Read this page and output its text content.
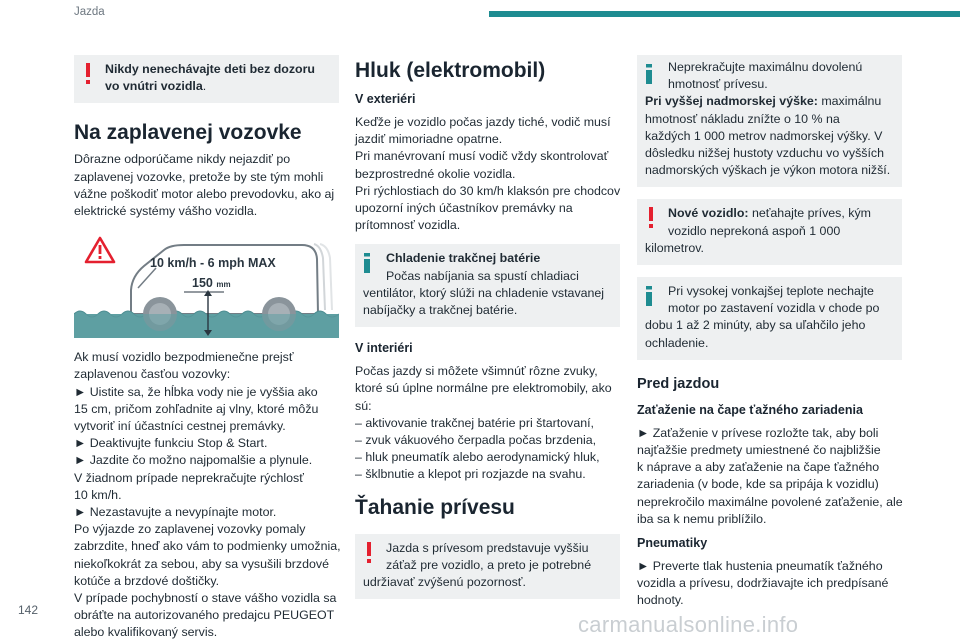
Jazda
Nikdy nenechávajte deti bez dozoru
vo vnútri vozidla.
Na zaplavenej vozovke
Dôrazne odporúčame nikdy nejazdiť po
zaplavenej vozovke, pretože by ste tým mohli
vážne poškodiť motor alebo prevodovku, ako aj
elektrické systémy vášho vozidla.
10 km/h - 6 mph MAX
150 mm
Ak musí vozidlo bezpodmienečne prejsť
zaplavenou časťou vozovky:
► Uistite sa, že hĺbka vody nie je vyššia ako
15 cm, pričom zohľadnite aj vlny, ktoré môžu
vytvoriť iní účastníci cestnej premávky.
► Deaktivujte funkciu Stop & Start.
► Jazdite čo možno najpomalšie a plynule.
V žiadnom prípade neprekračujte rýchlosť
10 km/h.
► Nezastavujte a nevypínajte motor.
Po výjazde zo zaplavenej vozovky pomaly
zabrzdite, hneď ako vám to podmienky umožnia,
niekoľkokrát za sebou, aby sa vysušili brzdové
kotúče a brzdové doštičky.
V prípade pochybností o stave vášho vozidla sa
obráťte na autorizovaného predajcu PEUGEOT
alebo kvalifikovaný servis.
Hluk (elektromobil)
V exteriéri
Keďže je vozidlo počas jazdy tiché, vodič musí
jazdiť mimoriadne opatrne.
Pri manévrovaní musí vodič vždy skontrolovať
bezprostredné okolie vozidla.
Pri rýchlostiach do 30 km/h klaksón pre chodcov
upozorní iných účastníkov premávky na
prítomnosť vozidla.
Chladenie trakčnej batérie
Počas nabíjania sa spustí chladiaci
ventilátor, ktorý slúži na chladenie vstavanej
nabíjačky a trakčnej batérie.
V interiéri
Počas jazdy si môžete všimnúť rôzne zvuky,
ktoré sú úplne normálne pre elektromobily, ako
sú:
– aktivovanie trakčnej batérie pri štartovaní,
– zvuk vákuového čerpadla počas brzdenia,
– hluk pneumatík alebo aerodynamický hluk,
– šklbnutie a klepot pri rozjazde na svahu.
Ťahanie prívesu
Jazda s prívesom predstavuje vyššiu
záťaž pre vozidlo, a preto je potrebné
udržiavať zvýšenú pozornosť.
Neprekračujte maximálnu dovolenú
hmotnosť prívesu.
Pri vyššej nadmorskej výške: maximálnu
hmotnosť nákladu znížte o 10 % na
každých 1 000 metrov nadmorskej výšky. V
dôsledku nižšej hustoty vzduchu vo vyšších
nadmorských výškach je výkon motora nižší.
Nové vozidlo: neťahajte príves, kým
vozidlo neprekoná aspoň 1 000
kilometrov.
Pri vysokej vonkajšej teplote nechajte
motor po zastavení vozidla v chode po
dobu 1 až 2 minúty, aby sa uľahčilo jeho
ochladenie.
Pred jazdou
Zaťaženie na čape ťažného zariadenia
► Zaťaženie v prívese rozložte tak, aby boli
najťažšie predmety umiestnené čo najbližšie
k náprave a aby zaťaženie na čape ťažného
zariadenia (v bode, kde sa pripája k vozidlu)
neprekročilo maximálne povolené zaťaženie, ale
iba sa k nemu priblížilo.
Pneumatiky
► Preverte tlak hustenia pneumatík ťažného
vozidla a prívesu, dodržiavajte ich predpísané
hodnoty.
142
carmanualsonline.info
